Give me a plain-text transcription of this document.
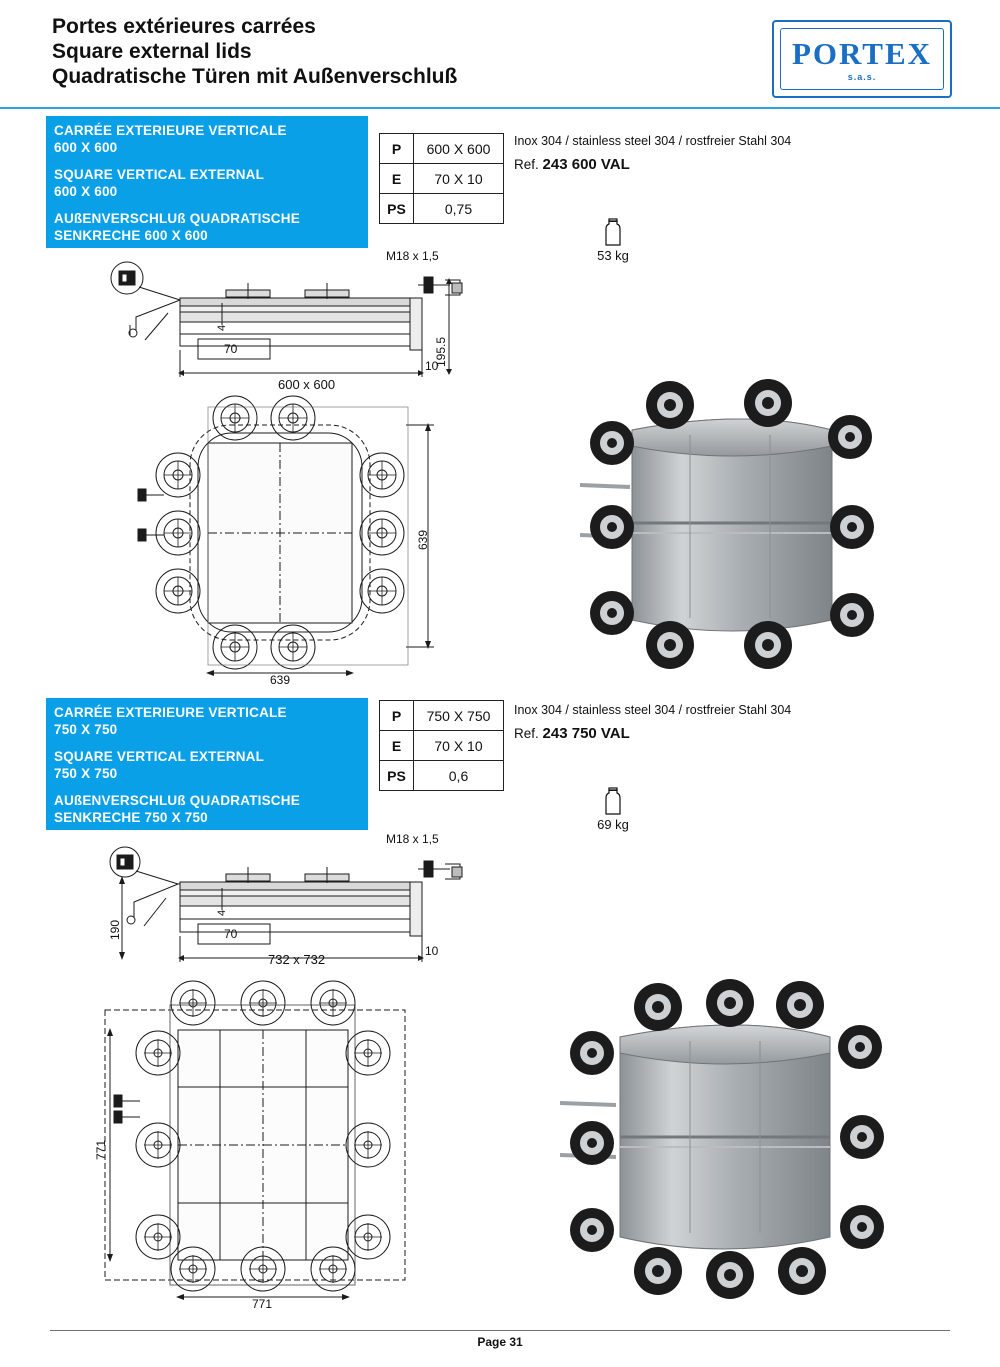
Portes extérieures carrées
Square external lids
Quadratische Türen mit Außenverschluß
PORTEX
s.a.s.
CARRÉE EXTERIEURE VERTICALE
600 X 600
SQUARE VERTICAL EXTERNAL
600 X 600
AUßENVERSCHLUß QUADRATISCHE
SENKRECHE 600 X 600
P	600 X 600
E	70 X 10
PS	0,75
Inox 304 / stainless steel 304 / rostfreier Stahl 304
Ref. 243 600 VAL
53 kg
M18 x 1,5
195.5
4
70
10
600 x 600
639
639
CARRÉE EXTERIEURE VERTICALE
750 X 750
SQUARE VERTICAL EXTERNAL
750 X 750
AUßENVERSCHLUß QUADRATISCHE
SENKRECHE 750 X 750
P	750 X 750
E	70 X 10
PS	0,6
Inox 304 / stainless steel 304 / rostfreier Stahl 304
Ref. 243 750 VAL
69 kg
M18 x 1,5
190
4
70
10
732 x 732
771
771
Page 31
